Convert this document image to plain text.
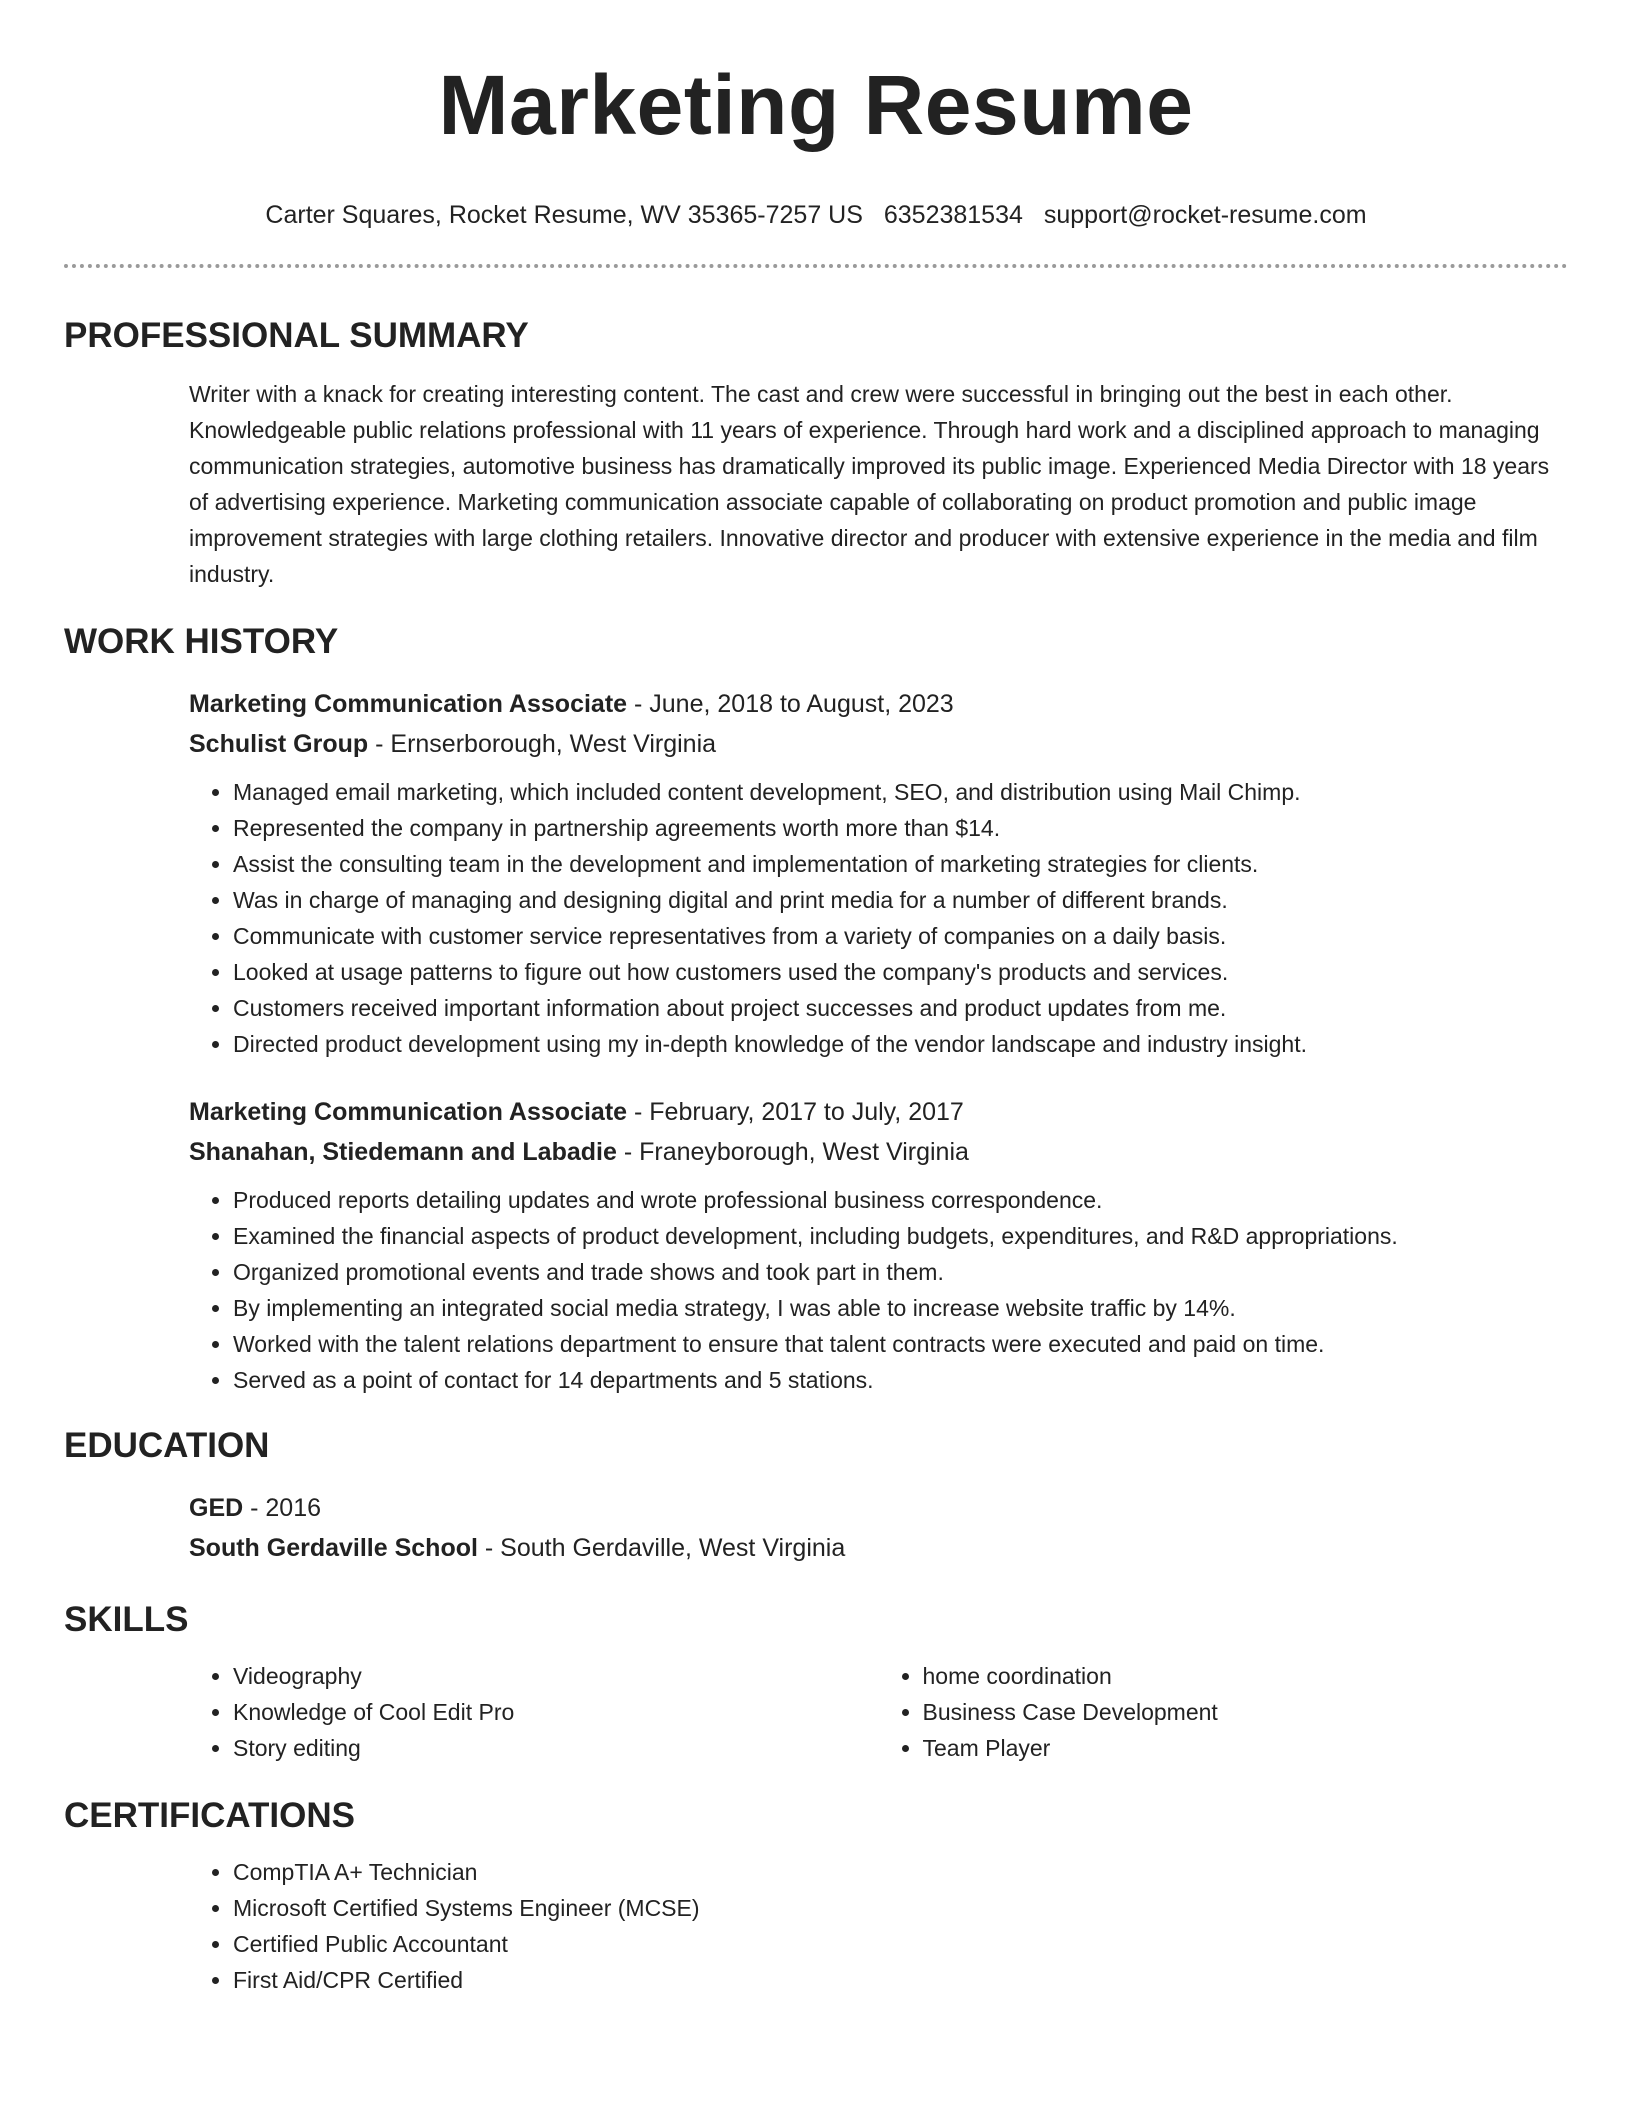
Marketing Resume
Carter Squares, Rocket Resume, WV 35365-7257 US 6352381534 support@rocket-resume.com
PROFESSIONAL SUMMARY

Writer with a knack for creating interesting content. The cast and crew were successful in bringing out the best in each other. Knowledgeable public relations professional with 11 years of experience. Through hard work and a disciplined approach to managing communication strategies, automotive business has dramatically improved its public image. Experienced Media Director with 18 years of advertising experience. Marketing communication associate capable of collaborating on product promotion and public image improvement strategies with large clothing retailers. Innovative director and producer with extensive experience in the media and film industry.

WORK HISTORY

Marketing Communication Associate - June, 2018 to August, 2023

Schulist Group - Ernserborough, West Virginia

• Managed email marketing, which included content development, SEO, and distribution using Mail Chimp.
• Represented the company in partnership agreements worth more than $14.
• Assist the consulting team in the development and implementation of marketing strategies for clients.
• Was in charge of managing and designing digital and print media for a number of different brands.
• Communicate with customer service representatives from a variety of companies on a daily basis.
• Looked at usage patterns to figure out how customers used the company's products and services.
• Customers received important information about project successes and product updates from me.
• Directed product development using my in-depth knowledge of the vendor landscape and industry insight.

Marketing Communication Associate - February, 2017 to July, 2017

Shanahan, Stiedemann and Labadie - Franeyborough, West Virginia

• Produced reports detailing updates and wrote professional business correspondence.
• Examined the financial aspects of product development, including budgets, expenditures, and R&D appropriations.
• Organized promotional events and trade shows and took part in them.
• By implementing an integrated social media strategy, I was able to increase website traffic by 14%.
• Worked with the talent relations department to ensure that talent contracts were executed and paid on time.
• Served as a point of contact for 14 departments and 5 stations.
EDUCATION

GED - 2016

South Gerdaville School - South Gerdaville, West Virginia

SKILLS
• Videography
• Knowledge of Cool Edit Pro
• Story editing
• home coordination
• Business Case Development
• Team Player
CERTIFICATIONS
• CompTIA A+ Technician
• Microsoft Certified Systems Engineer (MCSE)
• Certified Public Accountant
• First Aid/CPR Certified
